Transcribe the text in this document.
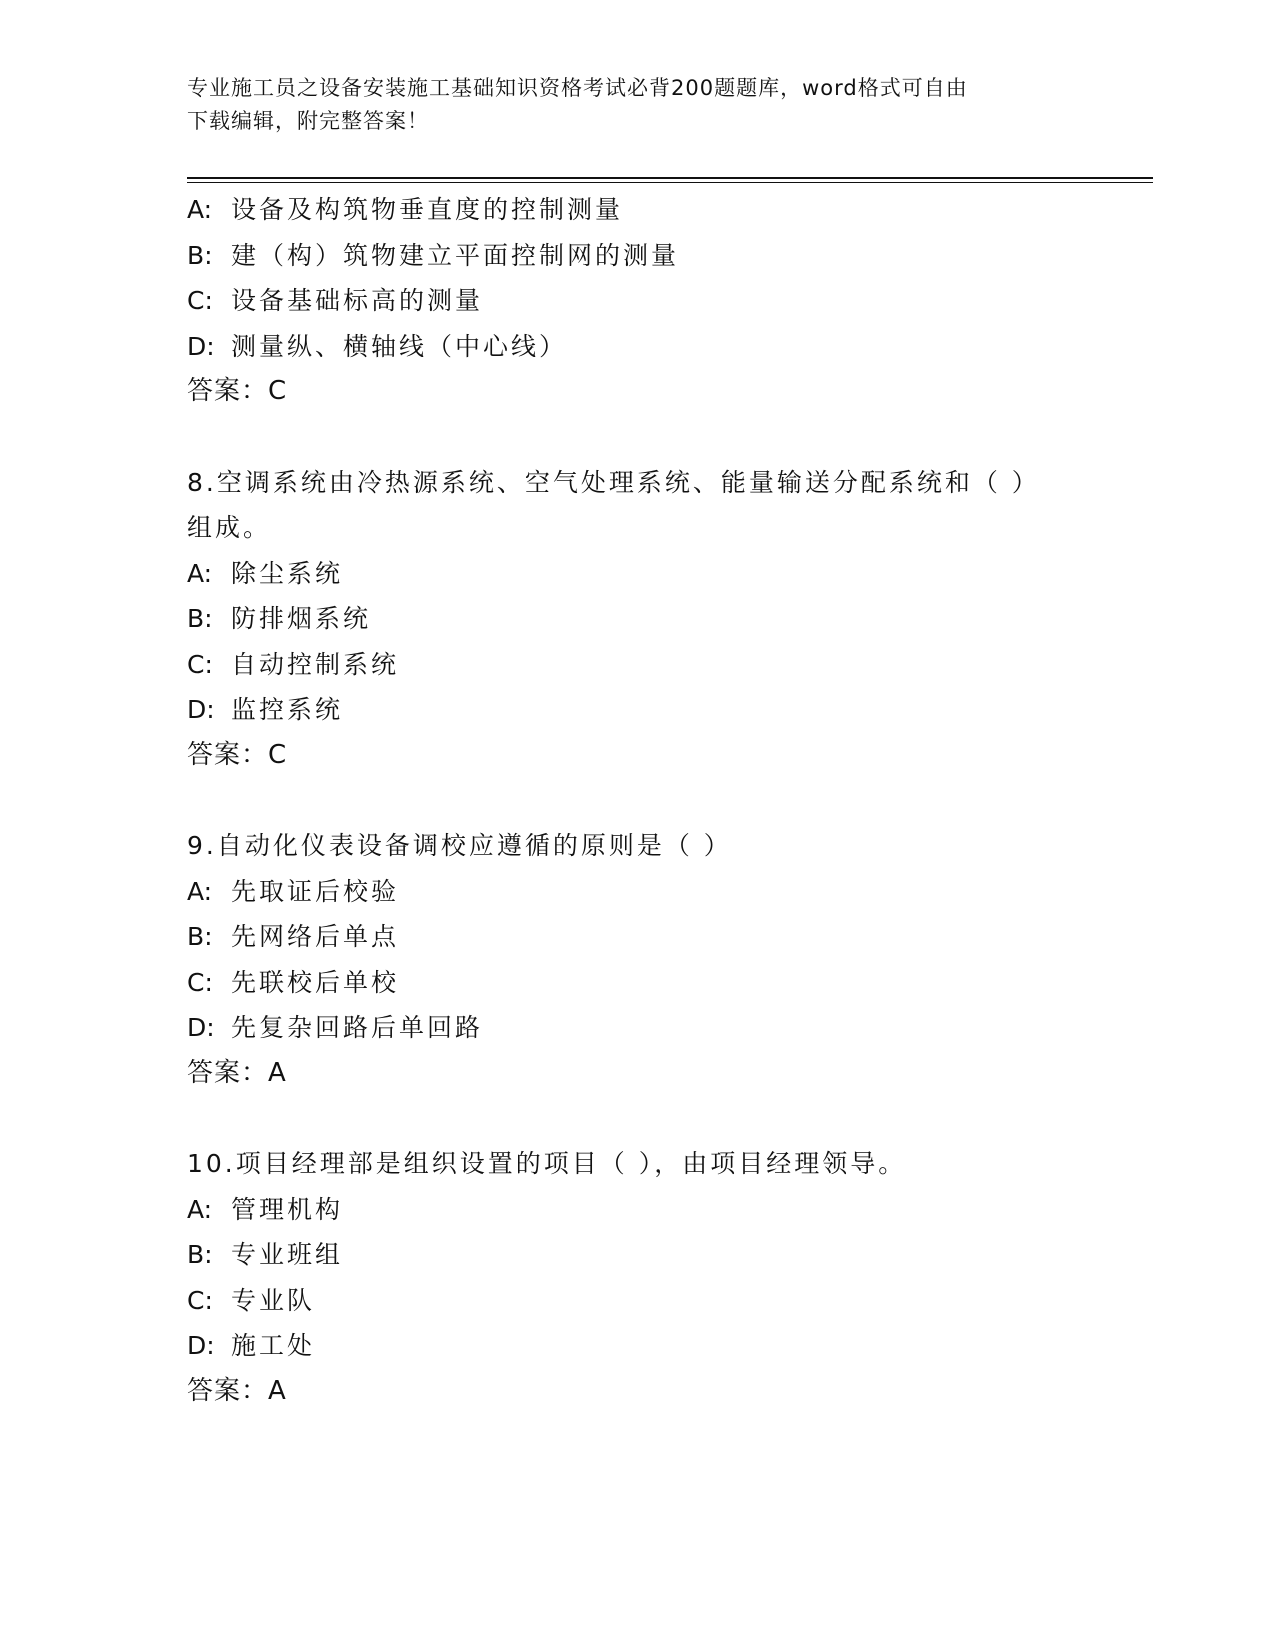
专业施工员之设备安装施工基础知识资格考试必背200题题库，word格式可自由
下载编辑，附完整答案！
A: 设备及构筑物垂直度的控制测量
B: 建（构）筑物建立平面控制网的测量
C: 设备基础标高的测量
D: 测量纵、横轴线（中心线）
答案：C
8.空调系统由冷热源系统、空气处理系统、能量输送分配系统和（ ）
组成。
A: 除尘系统
B: 防排烟系统
C: 自动控制系统
D: 监控系统
答案：C
9.自动化仪表设备调校应遵循的原则是（ ）
A: 先取证后校验
B: 先网络后单点
C: 先联校后单校
D: 先复杂回路后单回路
答案：A
10.项目经理部是组织设置的项目（ ），由项目经理领导。
A: 管理机构
B: 专业班组
C: 专业队
D: 施工处
答案：A
